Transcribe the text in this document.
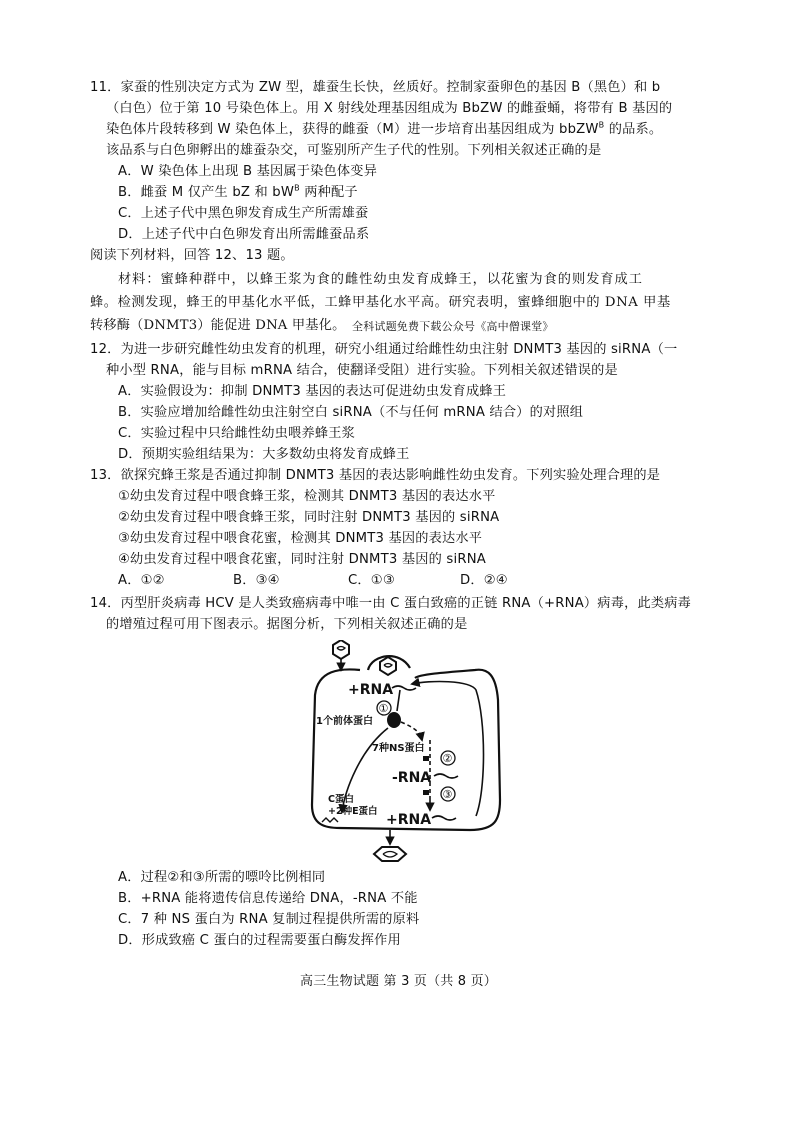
11．家蚕的性别决定方式为 ZW 型，雄蚕生长快，丝质好。控制家蚕卵色的基因 B（黑色）和 b
（白色）位于第 10 号染色体上。用 X 射线处理基因组成为 BbZW 的雌蚕蛹，将带有 B 基因的
染色体片段转移到 W 染色体上，获得的雌蚕（M）进一步培育出基因组成为 bbZW$^B$ 的品系。
该品系与白色卵孵出的雄蚕杂交，可鉴别所产生子代的性别。下列相关叙述正确的是
A．W 染色体上出现 B 基因属于染色体变异
B．雌蚕 M 仅产生 bZ 和 $bW^B$ 两种配子
C．上述子代中黑色卵发育成生产所需雄蚕
D．上述子代中白色卵发育出所需雌蚕品系
阅读下列材料，回答 12、13 题。
材料：蜜蜂种群中，以蜂王浆为食的雌性幼虫发育成蜂王，以花蜜为食的则发育成工
蜂。检测发现，蜂王的甲基化水平低，工蜂甲基化水平高。研究表明，蜜蜂细胞中的 DNA 甲基
转移酶（DNMT3）能促进 DNA 甲基化。 全科试题免费下载公众号《高中僧课堂》
12．为进一步研究雌性幼虫发育的机理，研究小组通过给雌性幼虫注射 DNMT3 基因的 siRNA（一
种小型 RNA，能与目标 mRNA 结合，使翻译受阻）进行实验。下列相关叙述错误的是
A．实验假设为：抑制 DNMT3 基因的表达可促进幼虫发育成蜂王
B．实验应增加给雌性幼虫注射空白 siRNA（不与任何 mRNA 结合）的对照组
C．实验过程中只给雌性幼虫喂养蜂王浆
D．预期实验组结果为：大多数幼虫将发育成蜂王
13．欲探究蜂王浆是否通过抑制 DNMT3 基因的表达影响雌性幼虫发育。下列实验处理合理的是
①幼虫发育过程中喂食蜂王浆，检测其 DNMT3 基因的表达水平
②幼虫发育过程中喂食蜂王浆，同时注射 DNMT3 基因的 siRNA
③幼虫发育过程中喂食花蜜，检测其 DNMT3 基因的表达水平
④幼虫发育过程中喂食花蜜，同时注射 DNMT3 基因的 siRNA
A．①②	B．③④	C．①③	D．②④
14．丙型肝炎病毒 HCV 是人类致癌病毒中唯一由 C 蛋白致癌的正链 RNA（+RNA）病毒，此类病毒
的增殖过程可用下图表示。据图分析，下列相关叙述正确的是
+RNA
①
1个前体蛋白
7种NS蛋白
②
-RNA
③
C蛋白
+2种E蛋白
+RNA
A．过程②和③所需的嘌呤比例相同
B．+RNA 能将遗传信息传递给 DNA，-RNA 不能
C．7 种 NS 蛋白为 RNA 复制过程提供所需的原料
D．形成致癌 C 蛋白的过程需要蛋白酶发挥作用
高三生物试题 第 3 页（共 8 页）
